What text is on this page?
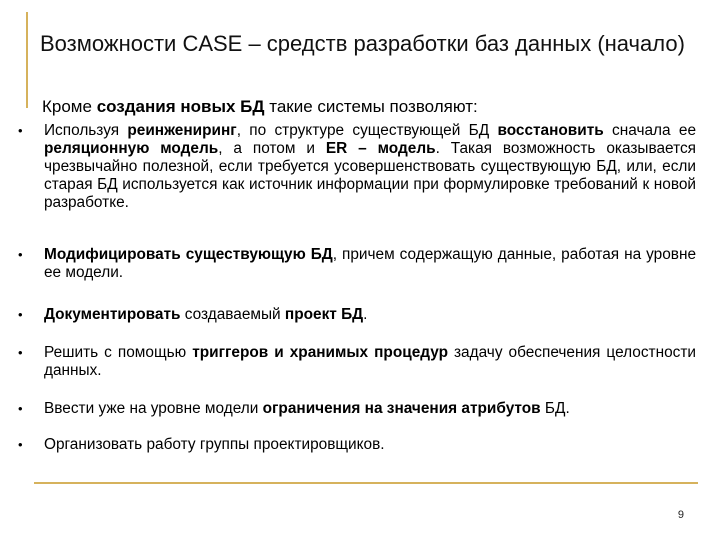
Возможности CASE – средств разработки баз данных (начало)
Кроме создания новых БД такие системы позволяют:
• Используя реинжениринг, по структуре существующей БД восстановить сначала ее реляционную модель, а потом и ER – модель. Такая возможность оказывается чрезвычайно полезной, если требуется усовершенствовать существующую БД, или, если старая БД используется как источник информации при формулировке требований к новой разработке.
• Модифицировать существующую БД, причем содержащую данные, работая на уровне ее модели.
• Документировать создаваемый проект БД.
• Решить с помощью триггеров и хранимых процедур задачу обеспечения целостности данных.
• Ввести уже на уровне модели ограничения на значения атрибутов БД.
• Организовать работу группы проектировщиков.
9
